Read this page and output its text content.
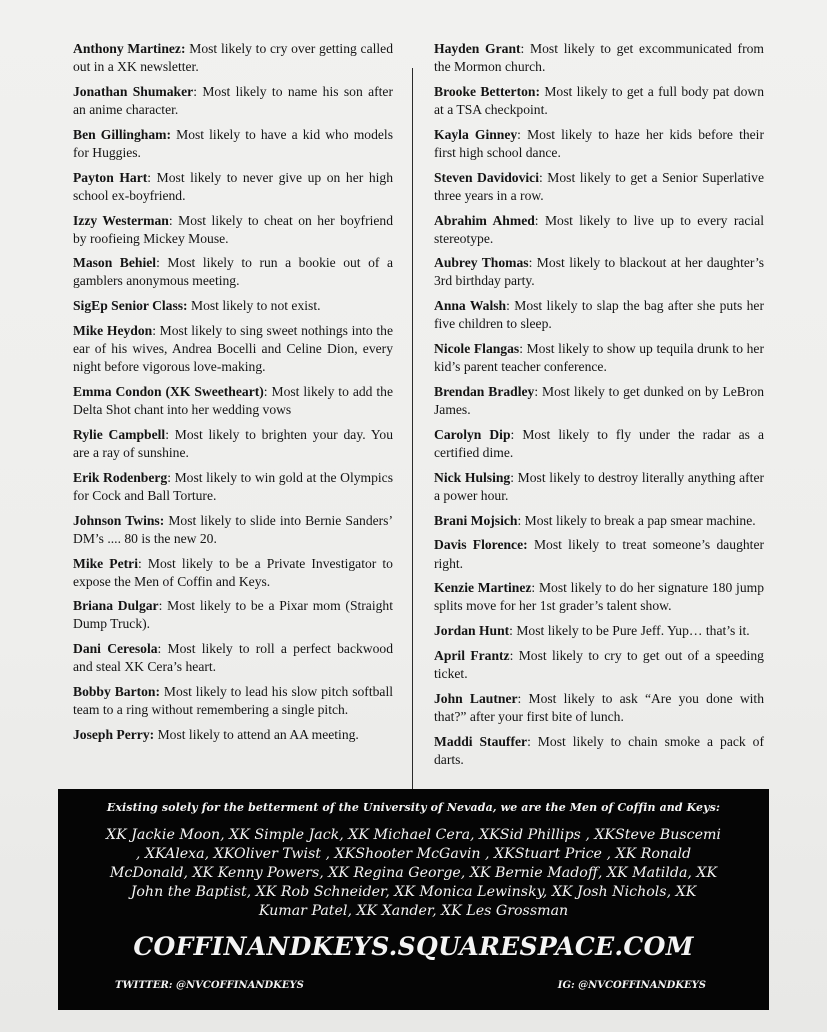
Anthony Martinez: Most likely to cry over getting called out in a XK newsletter.
Jonathan Shumaker: Most likely to name his son after an anime character.
Ben Gillingham: Most likely to have a kid who models for Huggies.
Payton Hart: Most likely to never give up on her high school ex-boyfriend.
Izzy Westerman: Most likely to cheat on her boyfriend by roofieing Mickey Mouse.
Mason Behiel: Most likely to run a bookie out of a gamblers anonymous meeting.
SigEp Senior Class: Most likely to not exist.
Mike Heydon: Most likely to sing sweet nothings into the ear of his wives, Andrea Bocelli and Celine Dion, every night before vigorous love-making.
Emma Condon (XK Sweetheart): Most likely to add the Delta Shot chant into her wedding vows
Rylie Campbell: Most likely to brighten your day. You are a ray of sunshine.
Erik Rodenberg: Most likely to win gold at the Olympics for Cock and Ball Torture.
Johnson Twins: Most likely to slide into Bernie Sanders’ DM’s .... 80 is the new 20.
Mike Petri: Most likely to be a Private Investigator to expose the Men of Coffin and Keys.
Briana Dulgar: Most likely to be a Pixar mom (Straight Dump Truck).
Dani Ceresola: Most likely to roll a perfect backwood and steal XK Cera’s heart.
Bobby Barton: Most likely to lead his slow pitch softball team to a ring without remembering a single pitch.
Joseph Perry: Most likely to attend an AA meeting.
Hayden Grant: Most likely to get excommunicated from the Mormon church.
Brooke Betterton: Most likely to get a full body pat down at a TSA checkpoint.
Kayla Ginney: Most likely to haze her kids before their first high school dance.
Steven Davidovici: Most likely to get a Senior Superlative three years in a row.
Abrahim Ahmed: Most likely to live up to every racial stereotype.
Aubrey Thomas: Most likely to blackout at her daughter’s 3rd birthday party.
Anna Walsh: Most likely to slap the bag after she puts her five children to sleep.
Nicole Flangas: Most likely to show up tequila drunk to her kid’s parent teacher conference.
Brendan Bradley: Most likely to get dunked on by LeBron James.
Carolyn Dip: Most likely to fly under the radar as a certified dime.
Nick Hulsing: Most likely to destroy literally anything after a power hour.
Brani Mojsich: Most likely to break a pap smear machine.
Davis Florence: Most likely to treat someone’s daughter right.
Kenzie Martinez: Most likely to do her signature 180 jump splits move for her 1st grader’s talent show.
Jordan Hunt: Most likely to be Pure Jeff. Yup… that’s it.
April Frantz: Most likely to cry to get out of a speeding ticket.
John Lautner: Most likely to ask “Are you done with that?” after your first bite of lunch.
Maddi Stauffer: Most likely to chain smoke a pack of darts.
Existing solely for the betterment of the University of Nevada, we are the Men of Coffin and Keys:
XK Jackie Moon, XK Simple Jack, XK Michael Cera, XKSid Phillips , XKSteve Buscemi , XKAlexa, XKOliver Twist , XKShooter McGavin , XKStuart Price , XK Ronald McDonald, XK Kenny Powers, XK Regina George, XK Bernie Madoff, XK Matilda, XK John the Baptist, XK Rob Schneider, XK Monica Lewinsky, XK Josh Nichols, XK Kumar Patel, XK Xander, XK Les Grossman
COFFINANDKEYS.SQUARESPACE.COM
TWITTER: @NVCOFFINANDKEYS	IG: @NVCOFFINANDKEYS
